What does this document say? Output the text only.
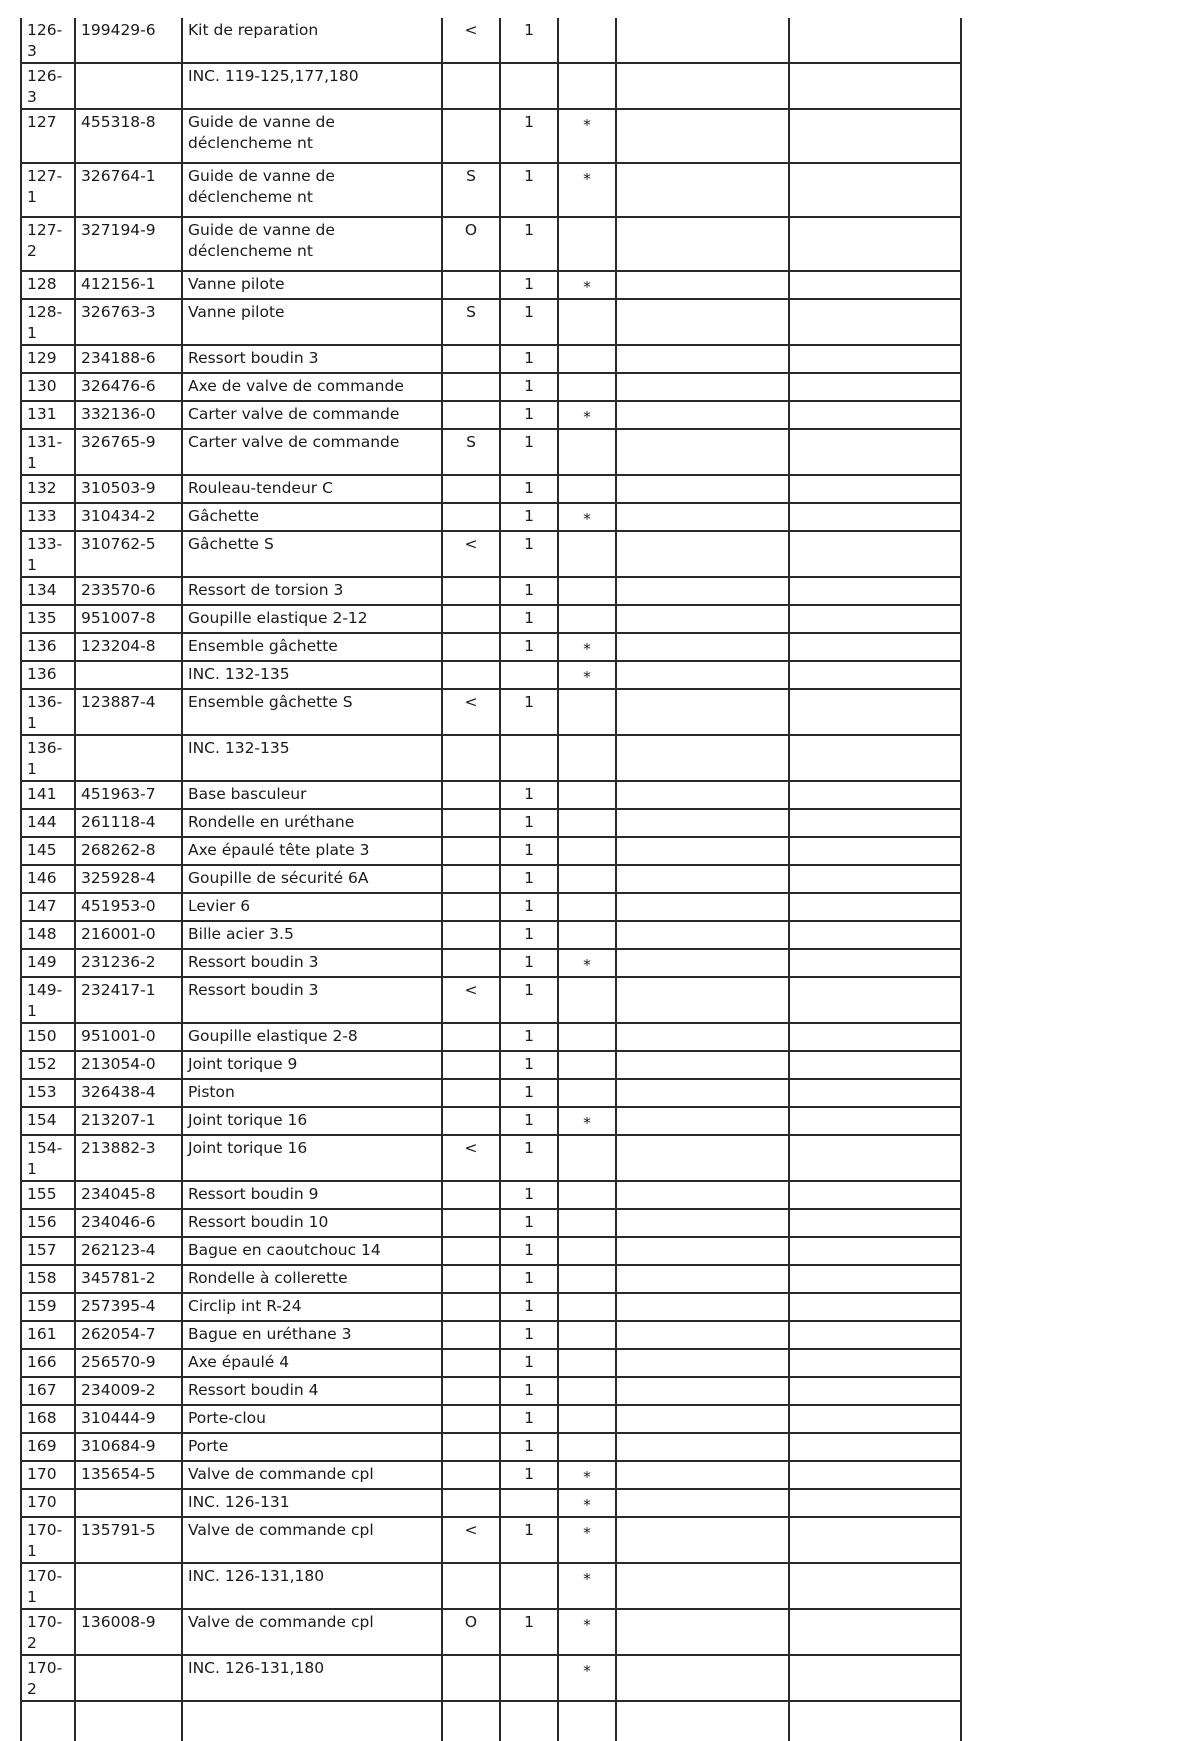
126-3	199429-6	Kit de reparation	<	1			
126-3		INC. 119-125,177,180					
127	455318-8	Guide de vanne de déclencheme nt		1	*		
127-1	326764-1	Guide de vanne de déclencheme nt	S	1	*		
127-2	327194-9	Guide de vanne de déclencheme nt	O	1			
128	412156-1	Vanne pilote		1	*		
128-1	326763-3	Vanne pilote	S	1			
129	234188-6	Ressort boudin 3		1			
130	326476-6	Axe de valve de commande		1			
131	332136-0	Carter valve de commande		1	*		
131-1	326765-9	Carter valve de commande	S	1			
132	310503-9	Rouleau-tendeur C		1			
133	310434-2	Gâchette		1	*		
133-1	310762-5	Gâchette S	<	1			
134	233570-6	Ressort de torsion 3		1			
135	951007-8	Goupille elastique 2-12		1			
136	123204-8	Ensemble gâchette		1	*		
136		INC. 132-135			*		
136-1	123887-4	Ensemble gâchette S	<	1			
136-1		INC. 132-135					
141	451963-7	Base basculeur		1			
144	261118-4	Rondelle en uréthane		1			
145	268262-8	Axe épaulé tête plate 3		1			
146	325928-4	Goupille de sécurité 6A		1			
147	451953-0	Levier 6		1			
148	216001-0	Bille acier 3.5		1			
149	231236-2	Ressort boudin 3		1	*		
149-1	232417-1	Ressort boudin 3	<	1			
150	951001-0	Goupille elastique 2-8		1			
152	213054-0	Joint torique 9		1			
153	326438-4	Piston		1			
154	213207-1	Joint torique 16		1	*		
154-1	213882-3	Joint torique 16	<	1			
155	234045-8	Ressort boudin 9		1			
156	234046-6	Ressort boudin 10		1			
157	262123-4	Bague en caoutchouc 14		1			
158	345781-2	Rondelle à collerette		1			
159	257395-4	Circlip int R-24		1			
161	262054-7	Bague en uréthane 3		1			
166	256570-9	Axe épaulé 4		1			
167	234009-2	Ressort boudin 4		1			
168	310444-9	Porte-clou		1			
169	310684-9	Porte		1			
170	135654-5	Valve de commande cpl		1	*		
170		INC. 126-131			*		
170-1	135791-5	Valve de commande cpl	<	1	*		
170-1		INC. 126-131,180			*		
170-2	136008-9	Valve de commande cpl	O	1	*		
170-2		INC. 126-131,180			*		
